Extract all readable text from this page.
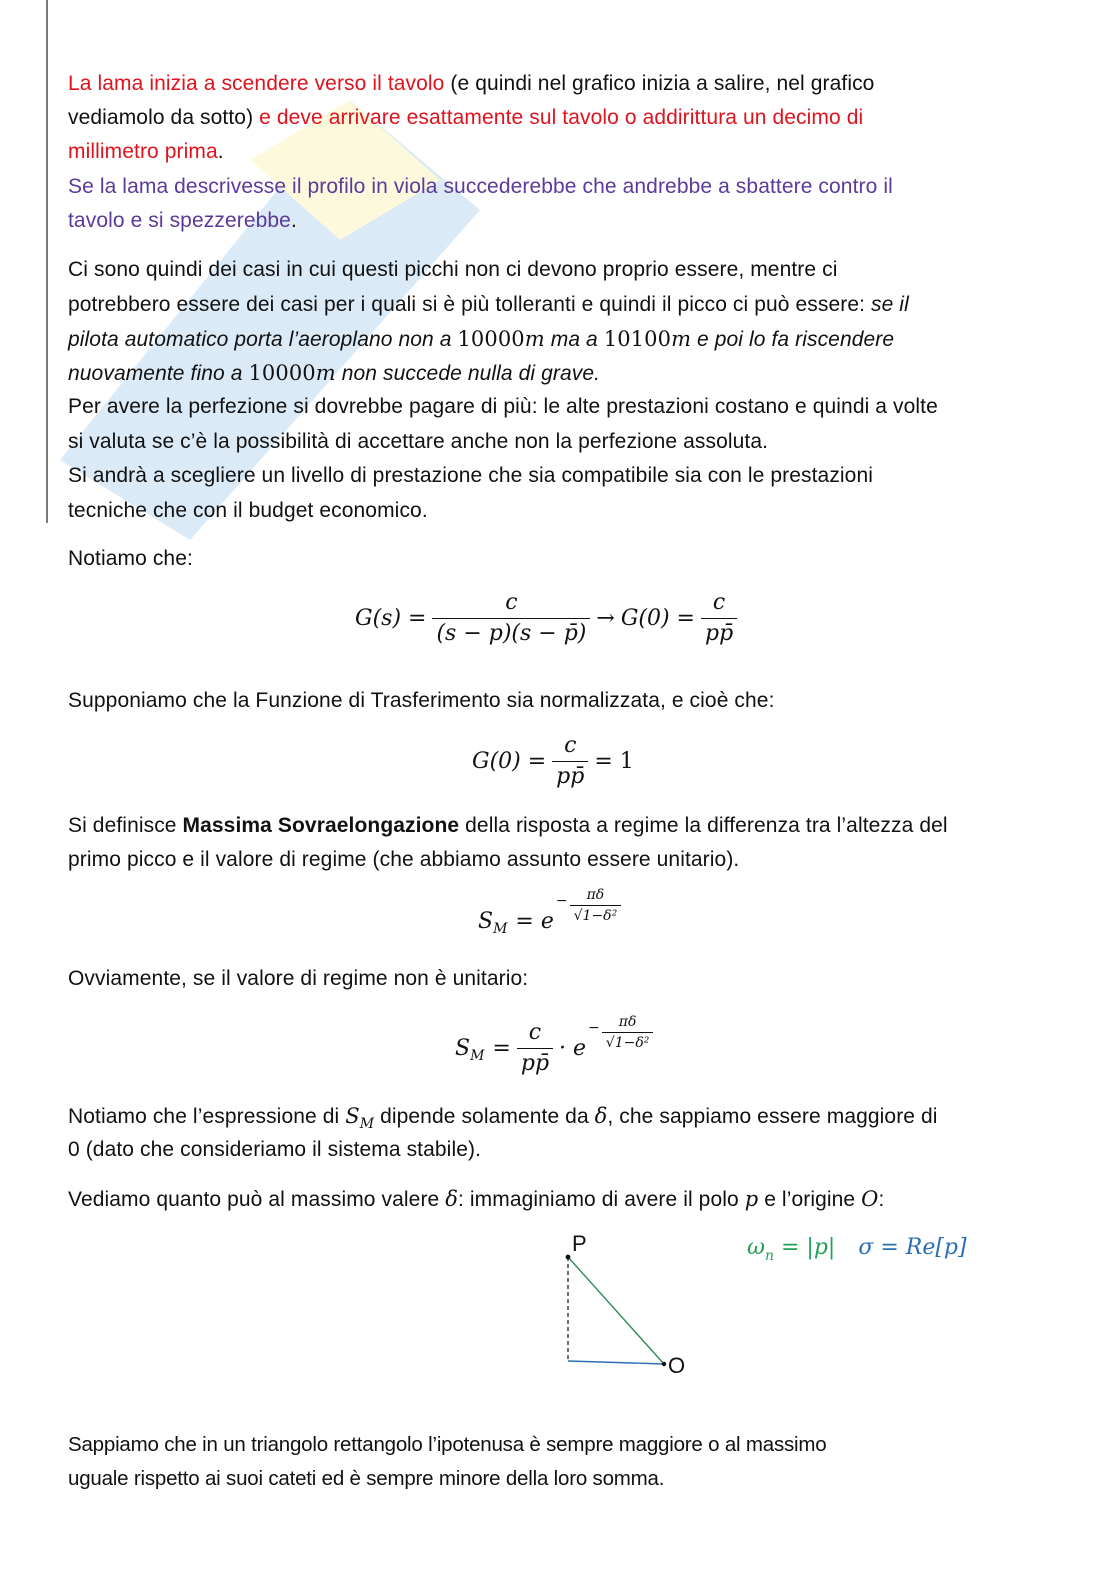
La lama inizia a scendere verso il tavolo (e quindi nel grafico inizia a salire, nel grafico
vediamolo da sotto) e deve arrivare esattamente sul tavolo o addirittura un decimo di
millimetro prima.
Se la lama descrivesse il profilo in viola succederebbe che andrebbe a sbattere contro il
tavolo e si spezzerebbe.
Ci sono quindi dei casi in cui questi picchi non ci devono proprio essere, mentre ci
potrebbero essere dei casi per i quali si è più tolleranti e quindi il picco ci può essere: se il
pilota automatico porta l’aeroplano non a 10000m ma a 10100m e poi lo fa riscendere
nuovamente fino a 10000m non succede nulla di grave.
Per avere la perfezione si dovrebbe pagare di più: le alte prestazioni costano e quindi a volte
si valuta se c’è la possibilità di accettare anche non la perfezione assoluta.
Si andrà a scegliere un livello di prestazione che sia compatibile sia con le prestazioni
tecniche che con il budget economico.
Notiamo che:
$G(s) = \frac{c}{(s - p)(s - p̄)} \to G(0) = \frac{c}{pp̄}$
Supponiamo che la Funzione di Trasferimento sia normalizzata, e cioè che:
$G(0) = \frac{c}{pp̄} = 1$
Si definisce Massima Sovraelongazione della risposta a regime la differenza tra l’altezza del
primo picco e il valore di regime (che abbiamo assunto essere unitario).
S M = e
− $\frac{\pi\delta}{\text{√1−δ²}}$
Ovviamente, se il valore di regime non è unitario:
S $M = \frac{c}{pp̄} \cdot e$
− $\frac{\pi\delta}{\text{√1−δ²}}$
Notiamo che l’espressione di $S_M$ dipende solamente da δ, che sappiamo essere maggiore di
0 (dato che consideriamo il sistema stabile).
Vediamo quanto può al massimo valere δ: immaginiamo di avere il polo p e l’origine O:
P
O
$\omega_n = |p|$ σ = Re[p]
Sappiamo che in un triangolo rettangolo l’ipotenusa è sempre maggiore o al massimo
uguale rispetto ai suoi cateti ed è sempre minore della loro somma.
